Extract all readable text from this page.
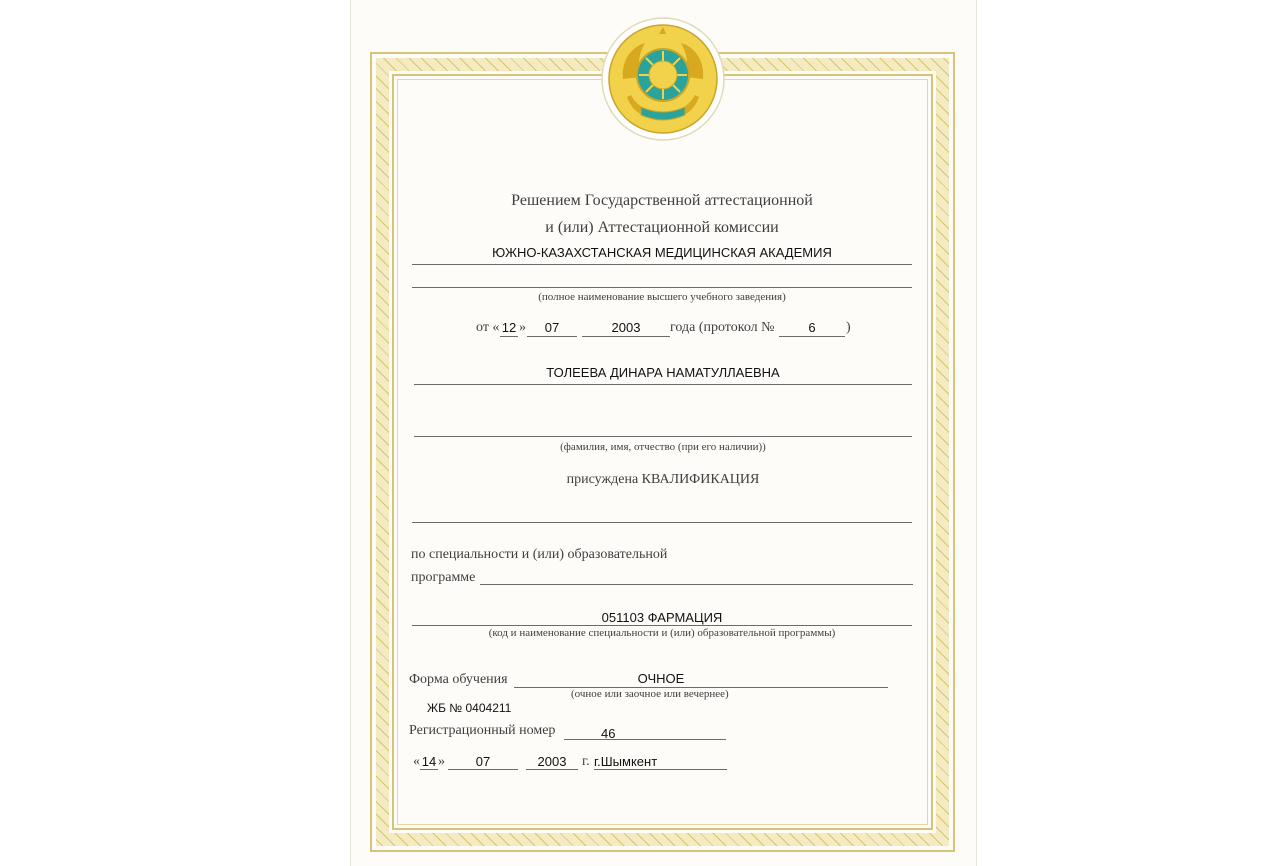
Решением Государственной аттестационной
и (или) Аттестационной комиссии
ЮЖНО-КАЗАХСТАНСКАЯ МЕДИЦИНСКАЯ АКАДЕМИЯ
(полное наименование высшего учебного заведения)
от « 12 »	07	2003	года (протокол №	6	)
ТОЛЕЕВА ДИНАРА НАМАТУЛЛАЕВНА
(фамилия, имя, отчество (при его наличии))
присуждена КВАЛИФИКАЦИЯ
по специальности и (или) образовательной
программе
051103 ФАРМАЦИЯ
(код и наименование специальности и (или) образовательной программы)
Форма обучения	ОЧНОЕ
(очное или заочное или вечернее)
ЖБ № 0404211
Регистрационный номер	46
« 14 »	07	2003	г. г.Шымкент
